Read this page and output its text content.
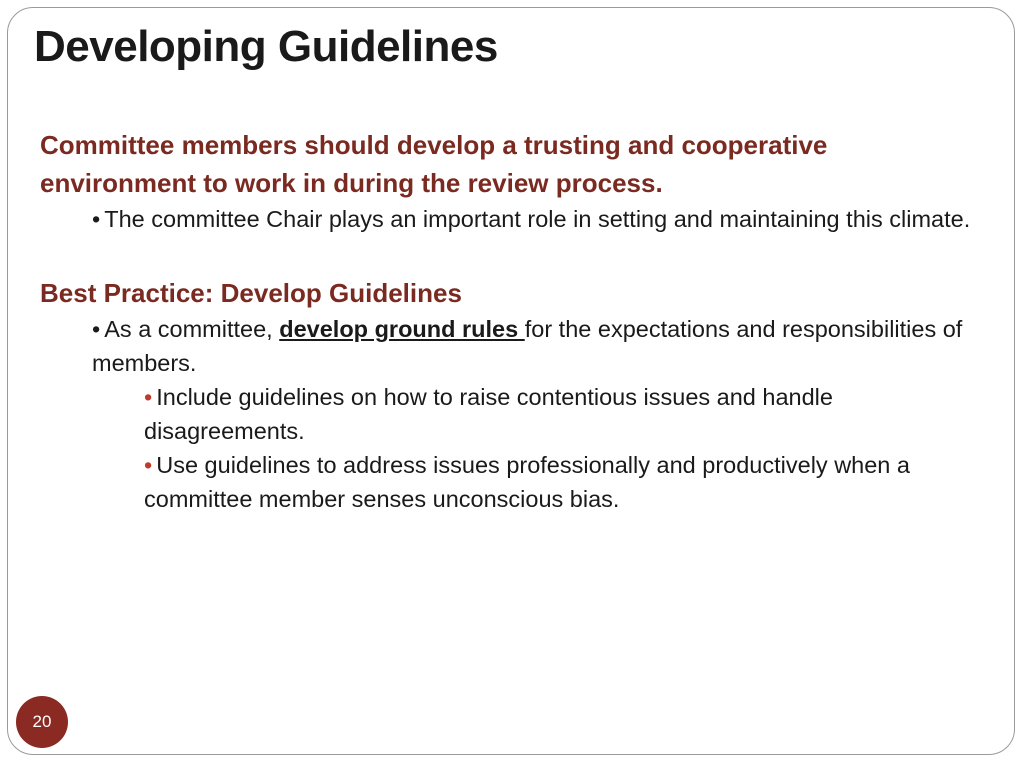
Developing Guidelines

Committee members should develop a trusting and cooperative environment to work in during the review process.

• The committee Chair plays an important role in setting and maintaining this climate.

Best Practice: Develop Guidelines

• As a committee, develop ground rules for the expectations and responsibilities of members.

• Include guidelines on how to raise contentious issues and handle disagreements.

• Use guidelines to address issues professionally and productively when a committee member senses unconscious bias.

20
